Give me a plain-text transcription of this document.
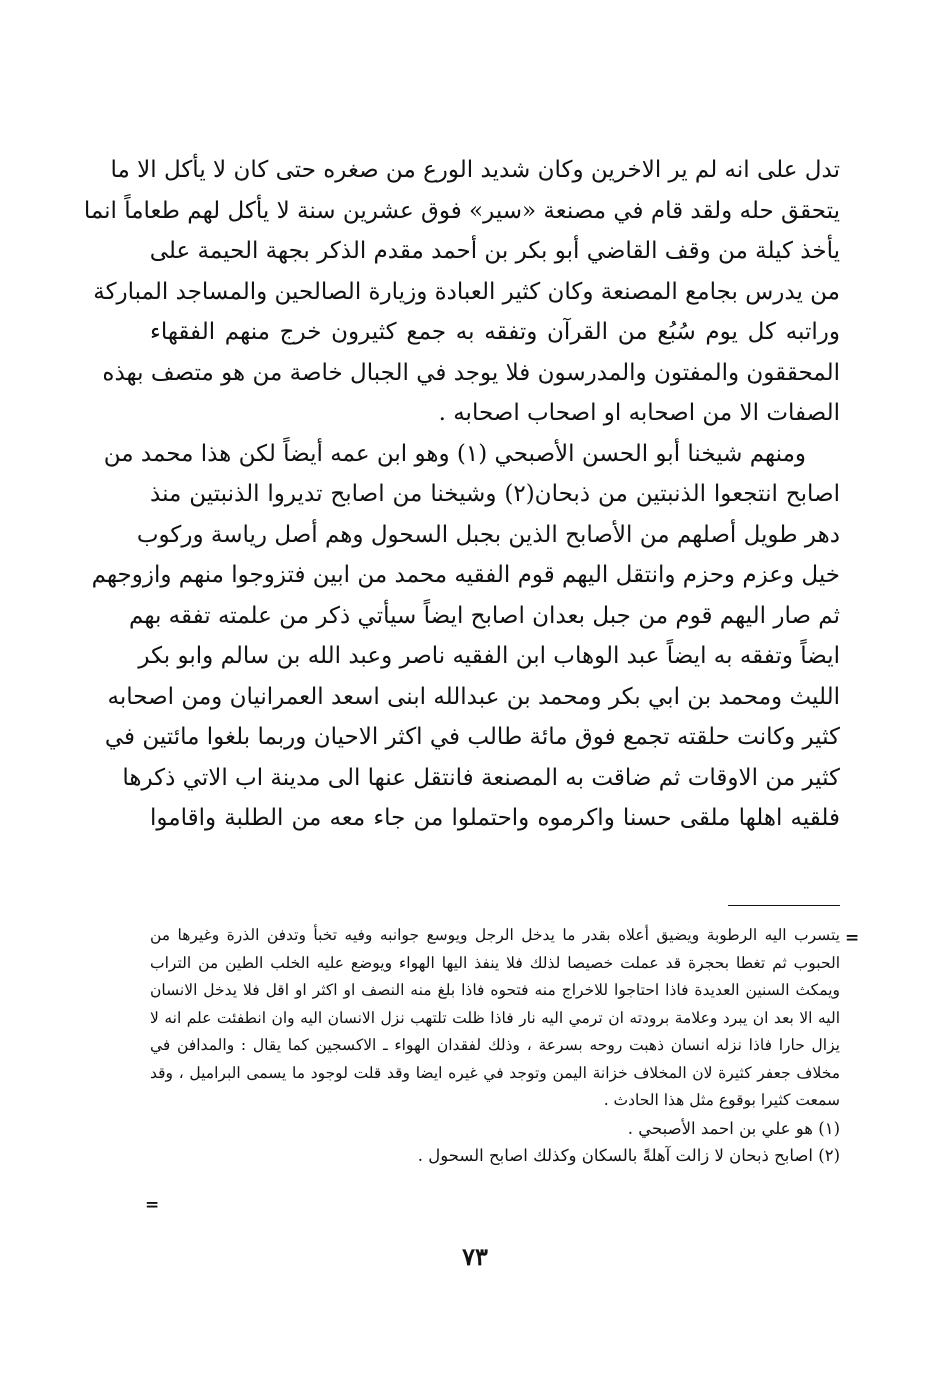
تدل على انه لم ير الاخرين وكان شديد الورع من صغره حتى كان لا يأكل الا ما
يتحقق حله ولقد قام في مصنعة «سير» فوق عشرين سنة لا يأكل لهم طعاماً انما
يأخذ كيلة من وقف القاضي أبو بكر بن أحمد مقدم الذكر بجهة الحيمة على
من يدرس بجامع المصنعة وكان كثير العبادة وزيارة الصالحين والمساجد المباركة
وراتبه كل يوم سُبُع من القرآن وتفقه به جمع كثيرون خرج منهم الفقهاء
المحققون والمفتون والمدرسون فلا يوجد في الجبال خاصة من هو متصف بهذه
الصفات الا من اصحابه او اصحاب اصحابه .
ومنهم شيخنا أبو الحسن الأصبحي (١) وهو ابن عمه أيضاً لكن هذا محمد من
اصابح انتجعوا الذنبتين من ذبحان(٢) وشيخنا من اصابح تديروا الذنبتين منذ
دهر طويل أصلهم من الأصابح الذين بجبل السحول وهم أصل رياسة وركوب
خيل وعزم وحزم وانتقل اليهم قوم الفقيه محمد من ابين فتزوجوا منهم وازوجهم
ثم صار اليهم قوم من جبل بعدان اصابح ايضاً سيأتي ذكر من علمته تفقه بهم
ايضاً وتفقه به ايضاً عبد الوهاب ابن الفقيه ناصر وعبد الله بن سالم وابو بكر
الليث ومحمد بن ابي بكر ومحمد بن عبدالله ابنى اسعد العمرانيان ومن اصحابه
كثير وكانت حلقته تجمع فوق مائة طالب في اكثر الاحيان وربما بلغوا مائتين في
كثير من الاوقات ثم ضاقت به المصنعة فانتقل عنها الى مدينة اب الاتي ذكرها
فلقيه اهلها ملقى حسنا واكرموه واحتملوا من جاء معه من الطلبة واقاموا
=
يتسرب اليه الرطوبة ويضيق أعلاه بقدر ما يدخل الرجل ويوسع جوانبه وفيه تخبأ وتدفن الذرة وغيرها من
الحبوب ثم تغطا بحجرة قد عملت خصيصا لذلك فلا ينفذ اليها الهواء ويوضع عليه الخلب الطين من التراب
ويمكث السنين العديدة فاذا احتاجوا للاخراج منه فتحوه فاذا بلغ منه النصف او اكثر او اقل فلا يدخل الانسان
اليه الا بعد ان يبرد وعلامة برودته ان ترمي اليه نار فاذا ظلت تلتهب نزل الانسان اليه وان انطفئت علم انه لا
يزال حارا فاذا نزله انسان ذهبت روحه بسرعة ، وذلك لفقدان الهواء ـ الاكسجين كما يقال : والمدافن في
مخلاف جعفر كثيرة لان المخلاف خزانة اليمن وتوجد في غيره ايضا وقد قلت لوجود ما يسمى البراميل ، وقد
سمعت كثيرا بوقوع مثل هذا الحادث .
(١) هو علي بن احمد الأصبحي .
(٢) اصابح ذبحان لا زالت آهلةً بالسكان وكذلك اصابح السحول .
=
٧٣
